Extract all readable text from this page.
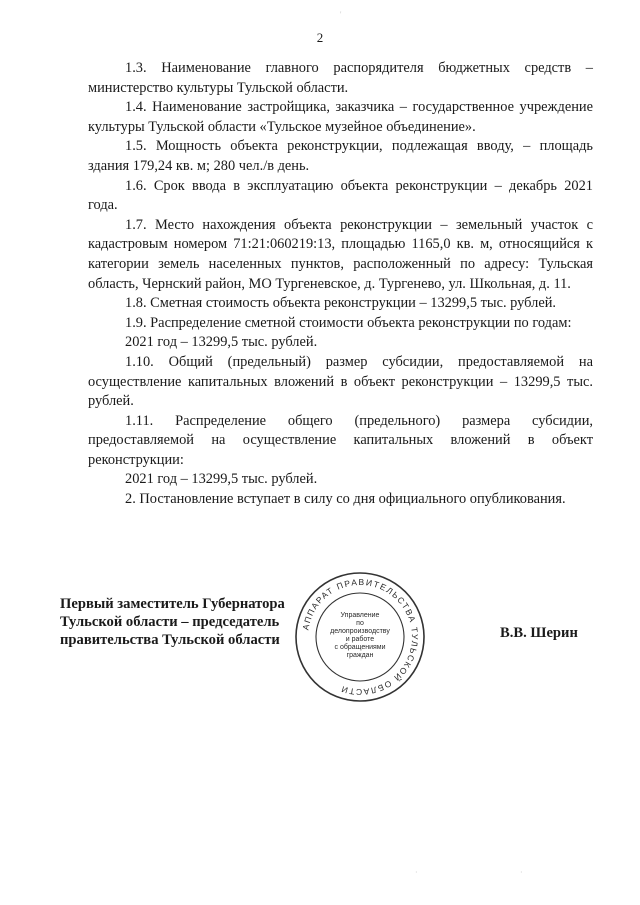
2

1.3. Наименование главного распорядителя бюджетных средств – министерство культуры Тульской области.

1.4. Наименование застройщика, заказчика – государственное учреждение культуры Тульской области «Тульское музейное объединение».

1.5. Мощность объекта реконструкции, подлежащая вводу, – площадь здания 179,24 кв. м; 280 чел./в день.

1.6. Срок ввода в эксплуатацию объекта реконструкции – декабрь 2021 года.

1.7. Место нахождения объекта реконструкции – земельный участок с кадастровым номером 71:21:060219:13, площадью 1165,0 кв. м, относящийся к категории земель населенных пунктов, расположенный по адресу: Тульская область, Чернский район, МО Тургеневское, д. Тургенево, ул. Школьная, д. 11.

1.8. Сметная стоимость объекта реконструкции – 13299,5 тыс. рублей.

1.9. Распределение сметной стоимости объекта реконструкции по годам:

2021 год – 13299,5 тыс. рублей.

1.10. Общий (предельный) размер субсидии, предоставляемой на осуществление капитальных вложений в объект реконструкции – 13299,5 тыс. рублей.

1.11. Распределение общего (предельного) размера субсидии, предоставляемой на осуществление капитальных вложений в объект реконструкции:

2021 год – 13299,5 тыс. рублей.

2. Постановление вступает в силу со дня официального опубликования.

АППАРАТ ПРАВИТЕЛЬСТВА ТУЛЬСКОЙ ОБЛАСТИ
Управление
по делопроизводству
и работе
с обращениями
граждан
Первый заместитель Губернатора
Тульской области – председатель
правительства Тульской области	В.В. Шерин
'
·	·
